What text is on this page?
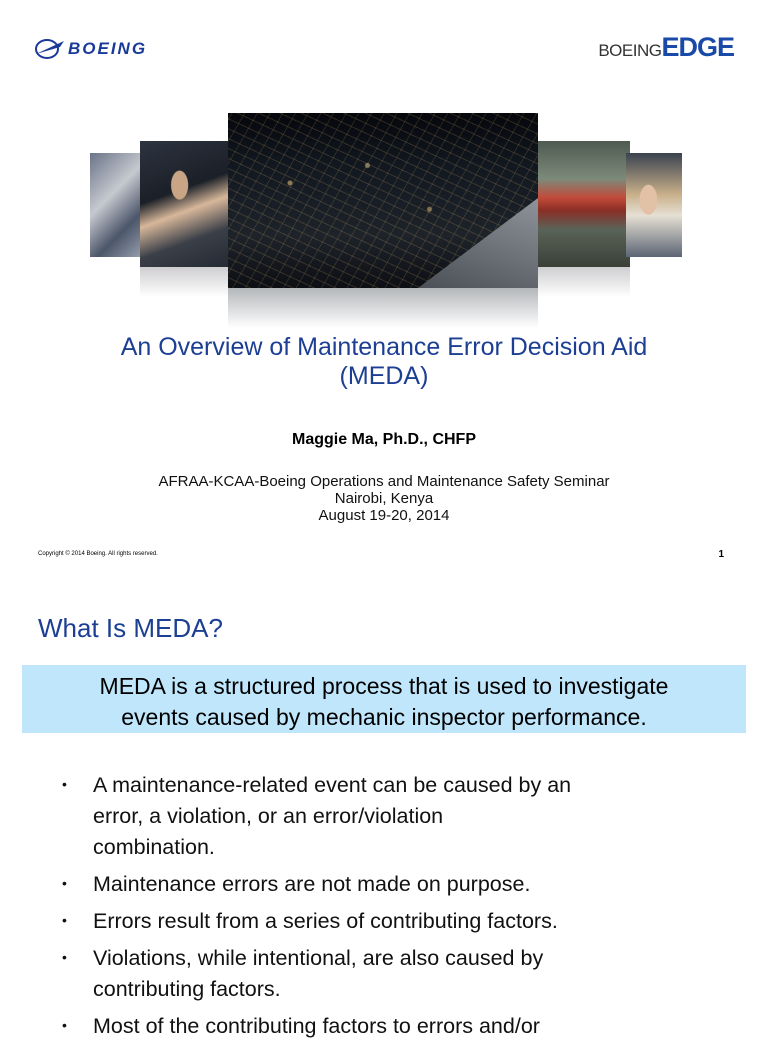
BOEING	BOEING EDGE
An Overview of Maintenance Error Decision Aid
(MEDA)
Maggie Ma, Ph.D., CHFP
AFRAA-KCAA-Boeing Operations and Maintenance Safety Seminar
Nairobi, Kenya
August 19-20, 2014
Copyright © 2014 Boeing. All rights reserved.	1
What Is MEDA?
MEDA is a structured process that is used to investigate
events caused by mechanic inspector performance.
• A maintenance-related event can be caused by an
error, a violation, or an error/violation
combination.
• Maintenance errors are not made on purpose.
• Errors result from a series of contributing factors.
• Violations, while intentional, are also caused by
contributing factors.
• Most of the contributing factors to errors and/or
